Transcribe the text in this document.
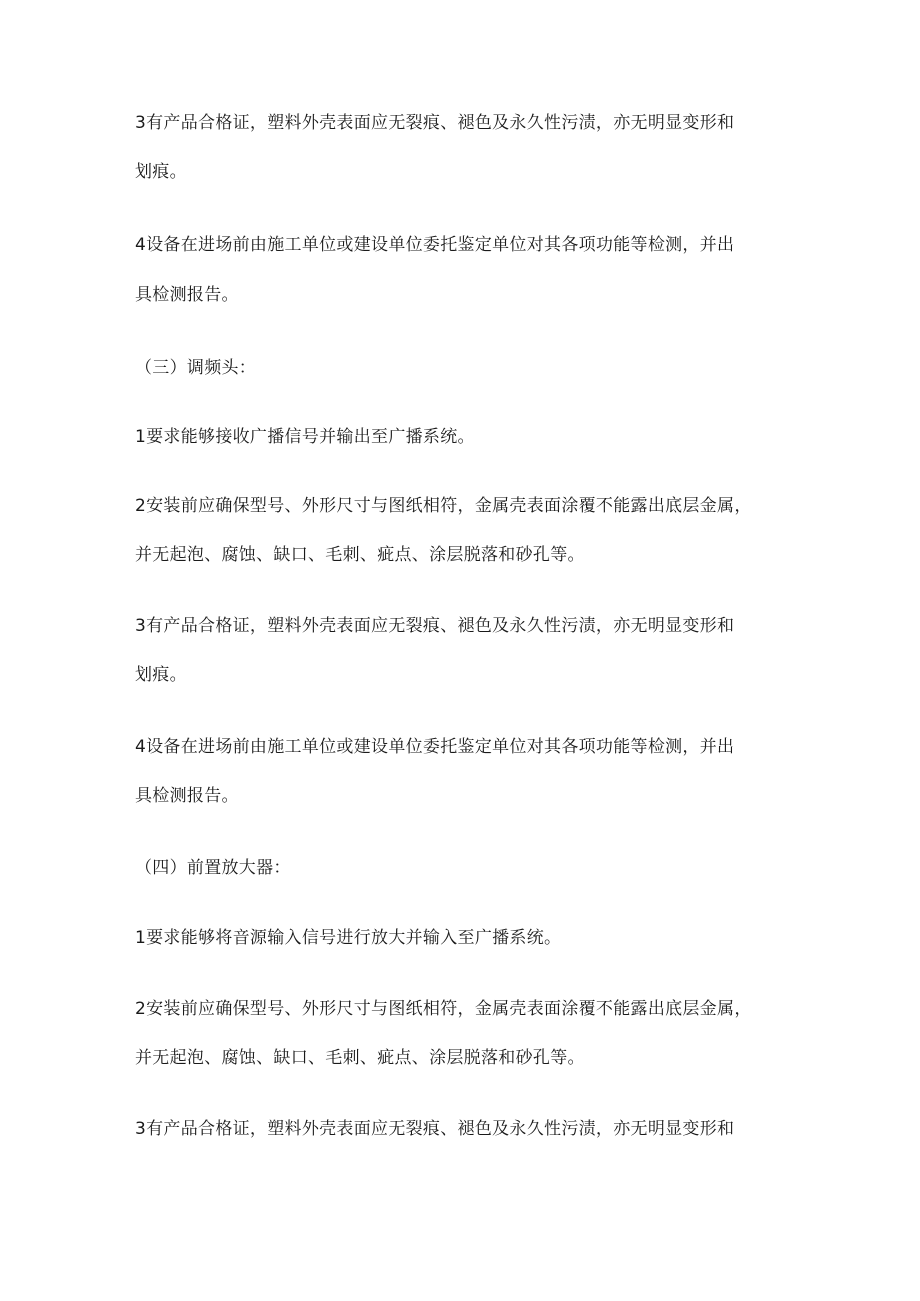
3有产品合格证，塑料外壳表面应无裂痕、褪色及永久性污渍，亦无明显变形和
划痕。
4设备在进场前由施工单位或建设单位委托鉴定单位对其各项功能等检测，并出
具检测报告。
（三）调频头：
1要求能够接收广播信号并输出至广播系统。
2安装前应确保型号、外形尺寸与图纸相符，金属壳表面涂覆不能露出底层金属，
并无起泡、腐蚀、缺口、毛刺、疵点、涂层脱落和砂孔等。
3有产品合格证，塑料外壳表面应无裂痕、褪色及永久性污渍，亦无明显变形和
划痕。
4设备在进场前由施工单位或建设单位委托鉴定单位对其各项功能等检测，并出
具检测报告。
（四）前置放大器：
1要求能够将音源输入信号进行放大并输入至广播系统。
2安装前应确保型号、外形尺寸与图纸相符，金属壳表面涂覆不能露出底层金属，
并无起泡、腐蚀、缺口、毛刺、疵点、涂层脱落和砂孔等。
3有产品合格证，塑料外壳表面应无裂痕、褪色及永久性污渍，亦无明显变形和
